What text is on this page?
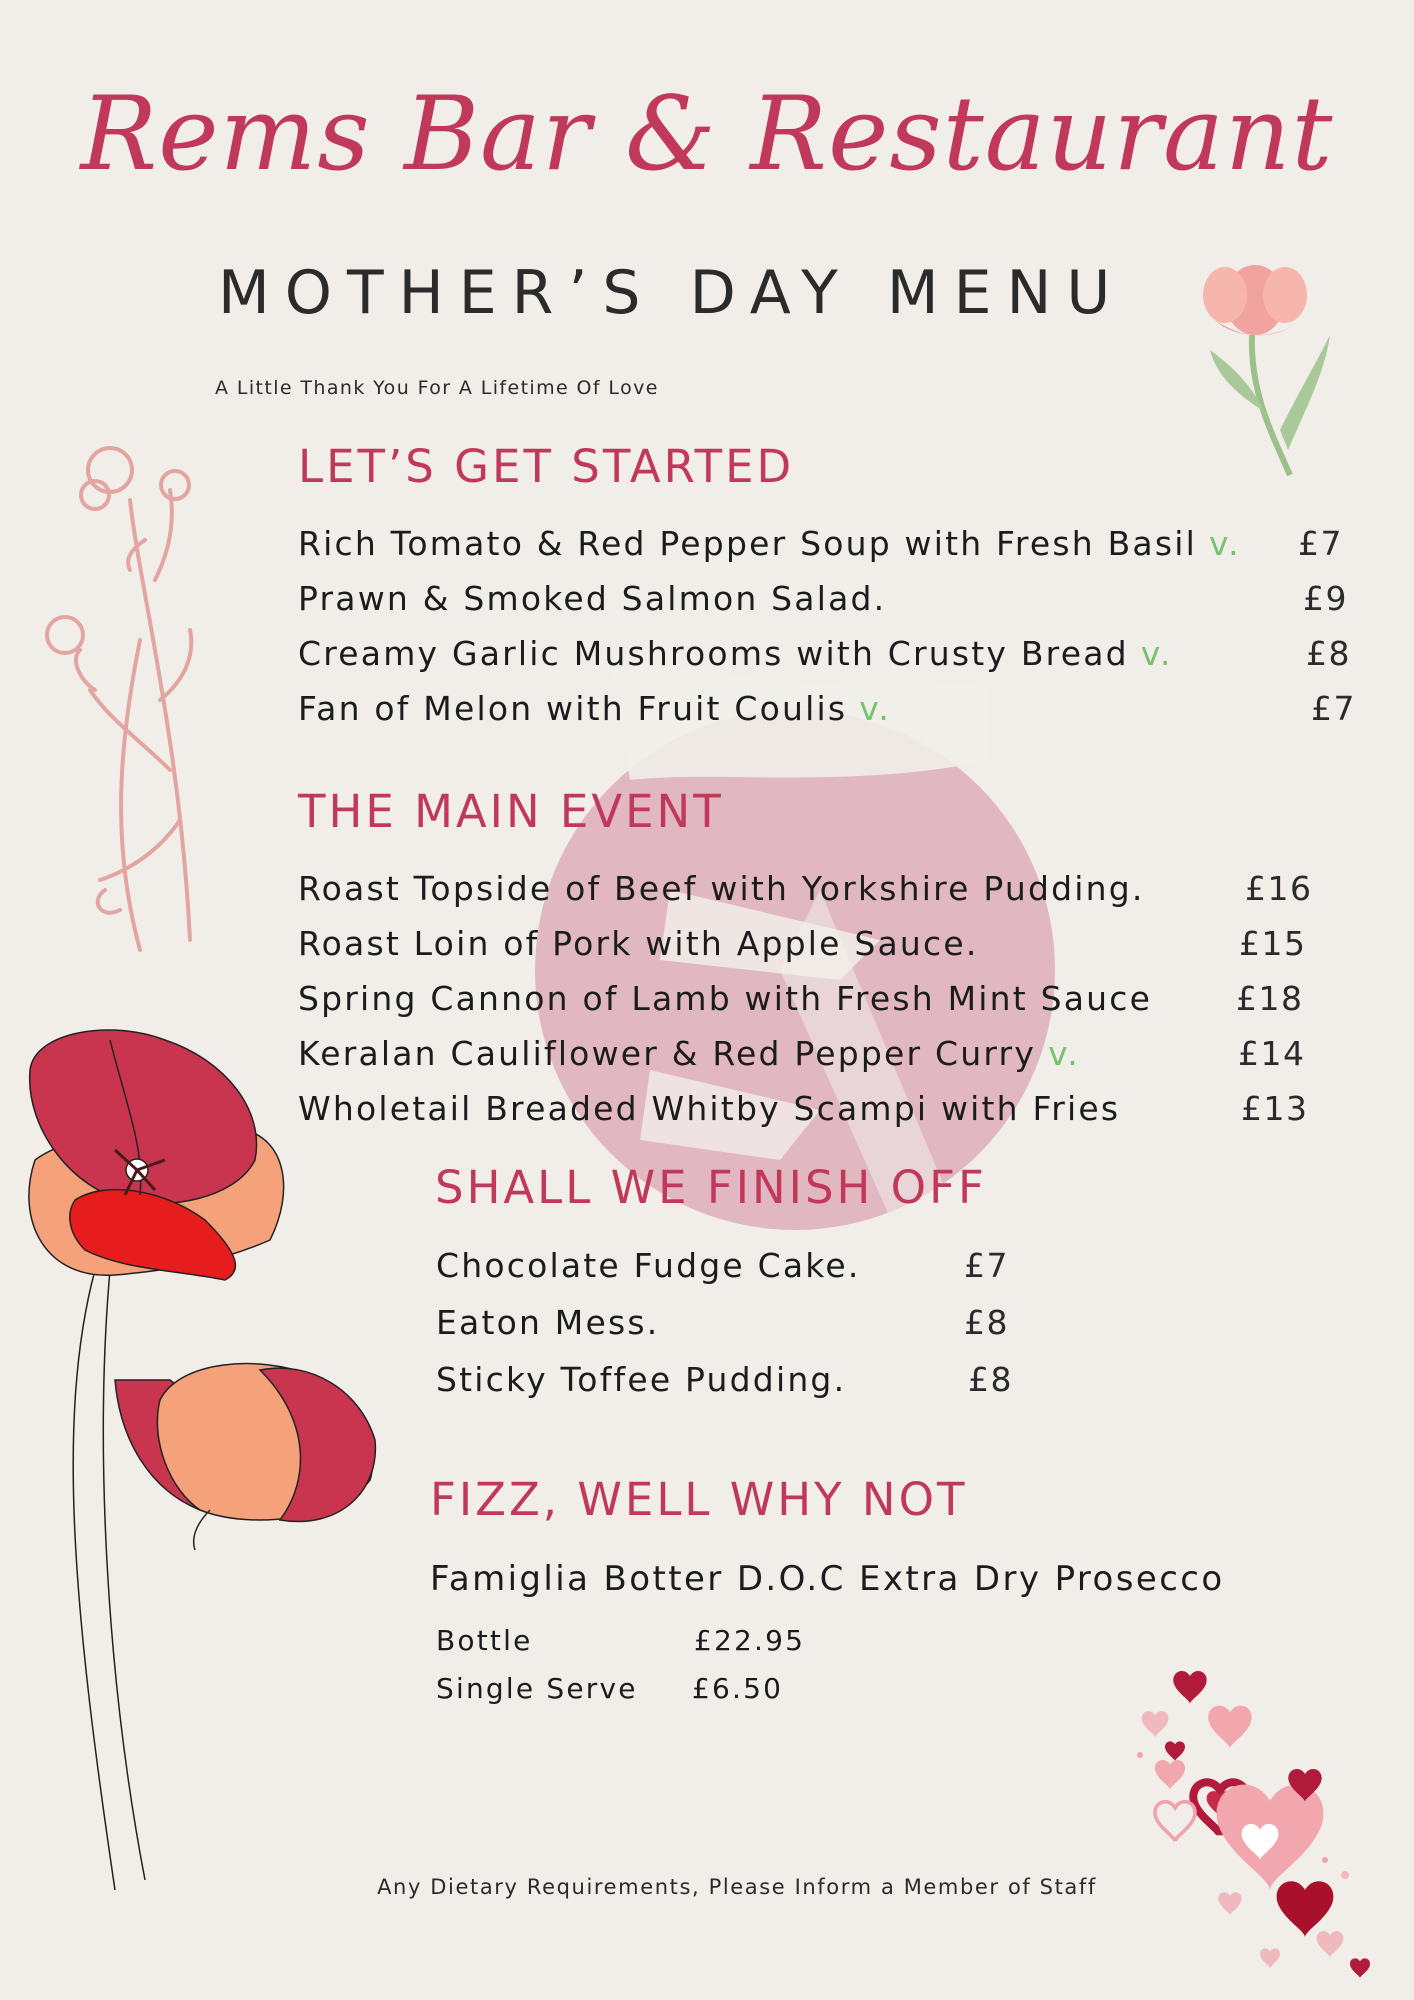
Rems Bar & Restaurant
MOTHER’S DAY MENU
A Little Thank You For A Lifetime Of Love
LET’S GET STARTED
Rich Tomato & Red Pepper Soup with Fresh Basil v. £7
Prawn & Smoked Salmon Salad.	£9
Creamy Garlic Mushrooms with Crusty Bread v.	£8
Fan of Melon with Fruit Coulis v.	£7
THE MAIN EVENT
Roast Topside of Beef with Yorkshire Pudding.	£16
Roast Loin of Pork with Apple Sauce.	£15
Spring Cannon of Lamb with Fresh Mint Sauce	£18
Keralan Cauliflower & Red Pepper Curry v.	£14
Wholetail Breaded Whitby Scampi with Fries	£13
SHALL WE FINISH OFF
Chocolate Fudge Cake.	£7
Eaton Mess.	£8
Sticky Toffee Pudding.	£8
FIZZ, WELL WHY NOT
Famiglia Botter D.O.C Extra Dry Prosecco
Bottle	£22.95
Single Serve £6.50
Any Dietary Requirements, Please Inform a Member of Staff
